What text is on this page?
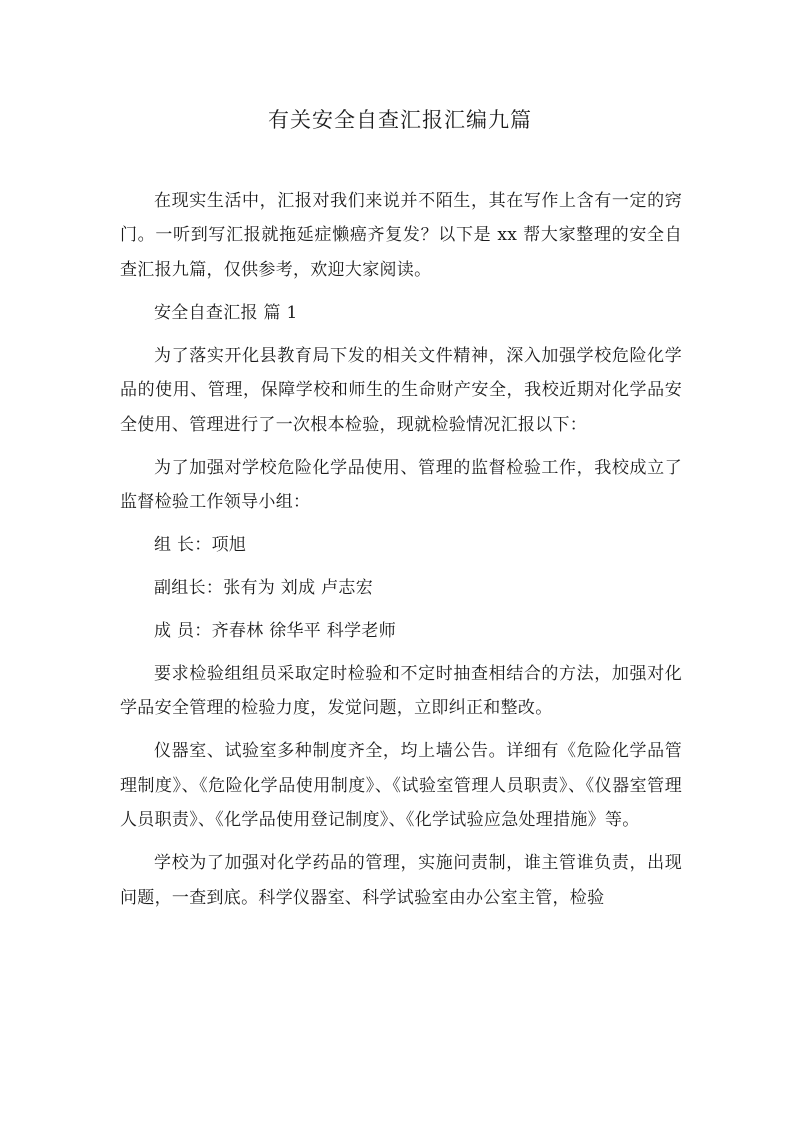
有关安全自查汇报汇编九篇

在现实生活中，汇报对我们来说并不陌生，其在写作上含有一定的窍门。一听到写汇报就拖延症懒癌齐复发？以下是 xx 帮大家整理的安全自查汇报九篇，仅供参考，欢迎大家阅读。

安全自查汇报 篇 1

为了落实开化县教育局下发的相关文件精神，深入加强学校危险化学品的使用、管理，保障学校和师生的生命财产安全，我校近期对化学品安全使用、管理进行了一次根本检验，现就检验情况汇报以下：

为了加强对学校危险化学品使用、管理的监督检验工作，我校成立了监督检验工作领导小组：

组 长：项旭

副组长：张有为 刘成 卢志宏

成 员：齐春林 徐华平 科学老师

要求检验组组员采取定时检验和不定时抽查相结合的方法，加强对化学品安全管理的检验力度，发觉问题，立即纠正和整改。

仪器室、试验室多种制度齐全，均上墙公告。详细有《危险化学品管理制度》、《危险化学品使用制度》、《试验室管理人员职责》、《仪器室管理人员职责》、《化学品使用登记制度》、《化学试验应急处理措施》等。

学校为了加强对化学药品的管理，实施问责制，谁主管谁负责，出现问题，一查到底。科学仪器室、科学试验室由办公室主管，检验
